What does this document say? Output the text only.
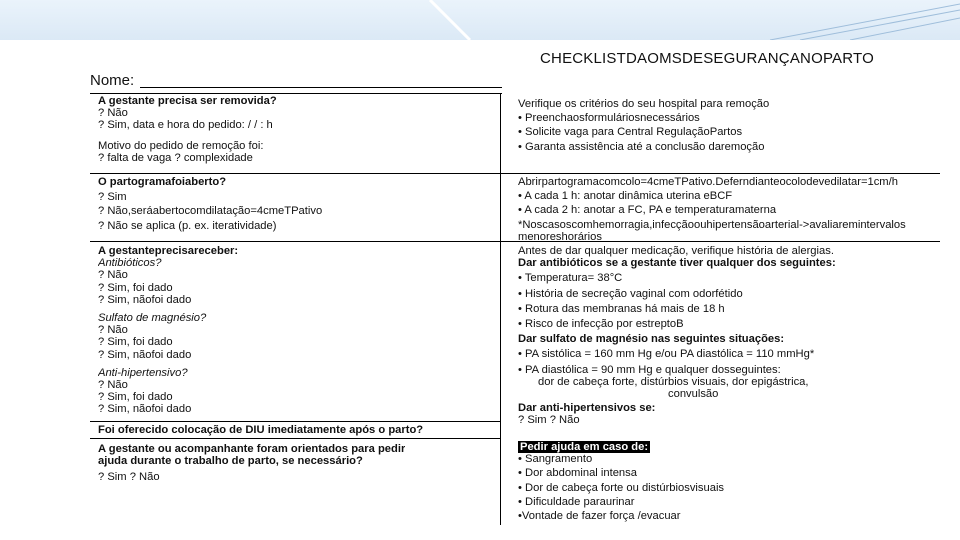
CHECKLISTDAOMSDESEGURANÇANOPARTO
Nome:
A gestante precisa ser removida?
? Não
? Sim, data e hora do pedido: / / : h
Motivo do pedido de remoção foi:
? falta de vaga ? complexidade
O partogramafoiaberto?
? Sim
? Não,seráabertocomdilatação=4cmeTPativo
? Não se aplica (p. ex. iteratividade)
A gestanteprecisareceber:
Antibióticos?
? Não
? Sim, foi dado
? Sim, nãofoi dado
Sulfato de magnésio?
? Não
? Sim, foi dado
? Sim, nãofoi dado
Anti-hipertensivo?
? Não
? Sim, foi dado
? Sim, nãofoi dado
Foi oferecido colocação de DIU imediatamente após o parto?
A gestante ou acompanhante foram orientados para pedir
ajuda durante o trabalho de parto, se necessário?
? Sim ? Não
Verifique os critérios do seu hospital para remoção
• Preenchaosformuláriosnecessários
• Solicite vaga para Central RegulaçãoPartos
• Garanta assistência até a conclusão daremoção
Abrirpartogramacomcolo=4cmeTPativo.Deferndianteocolodevedilatar=1cm/h
• A cada 1 h: anotar dinâmica uterina eBCF
• A cada 2 h: anotar a FC, PA e temperaturamaterna
*Noscasoscomhemorragia,infecçãoouhipertensãoarterial->avaliaremintervalos
menoreshorários
Antes de dar qualquer medicação, verifique história de alergias.
Dar antibióticos se a gestante tiver qualquer dos seguintes:
• Temperatura= 38°C
• História de secreção vaginal com odorfétido
• Rotura das membranas há mais de 18 h
• Risco de infecção por estreptoB
Dar sulfato de magnésio nas seguintes situações:
• PA sistólica = 160 mm Hg e/ou PA diastólica = 110 mmHg*
• PA diastólica = 90 mm Hg e qualquer dosseguintes:
dor de cabeça forte, distúrbios visuais, dor epigástrica,
convulsão
Dar anti-hipertensivos se:
? Sim ? Não
Pedir ajuda em caso de:
• Sangramento
• Dor abdominal intensa
• Dor de cabeça forte ou distúrbiosvisuais
• Dificuldade paraurinar
•Vontade de fazer força /evacuar
